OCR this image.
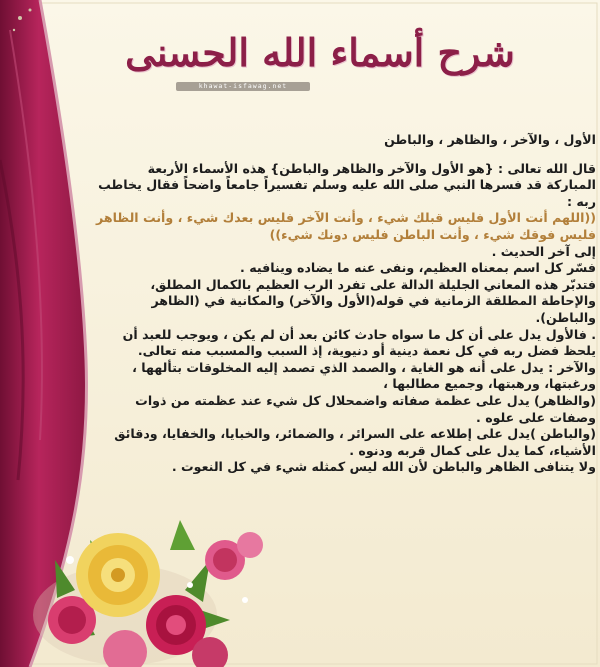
شرح أسماء الله الحسنى
khawat-isfawag.net

الأول ، والآخر ، والظاهر ، والباطن

قال الله تعالى : {هو الأول والآخر والظاهر والباطن} هذه الأسماء الأربعة المباركة قد فسرها النبي صلى الله عليه وسلم تفسيراً جامعاً واضحاً فقال يخاطب ربه :

((اللهم أنت الأول فليس قبلك شيء ، وأنت الآخر فليس بعدك شيء ، وأنت الظاهر فليس فوقك شيء ، وأنت الباطن فليس دونك شيء))

إلى آخر الحديث .

فسّر كل اسم بمعناه العظيم، ونفى عنه ما يضاده وينافيه .

فتدبّر هذه المعاني الجليلة الدالة على تفرد الرب العظيم بالكمال المطلق، والإحاطة المطلقة الزمانية في قوله(الأول والآخر) والمكانية في (الظاهر والباطن).

. فالأول يدل على أن كل ما سواه حادث كائن بعد أن لم يكن ، ويوجب للعبد أن يلحظ فضل ربه في كل نعمة دينية أو دنيوية، إذ السبب والمسبب منه تعالى.

والآخر : يدل على أنه هو الغاية ، والصمد الذي تصمد إليه المخلوقات بتألهها ، ورغبتها، ورهبتها، وجميع مطالبها ،

(والظاهر) يدل على عظمة صفاته واضمحلال كل شيء عند عظمته من ذوات وصفات على علوه .

(والباطن )يدل على إطلاعه على السرائر ، والضمائر، والخبايا، والخفايا، ودقائق الأشياء، كما يدل على كمال قربه ودنوه .

ولا يتنافى الظاهر والباطن لأن الله ليس كمثله شيء في كل النعوت .
